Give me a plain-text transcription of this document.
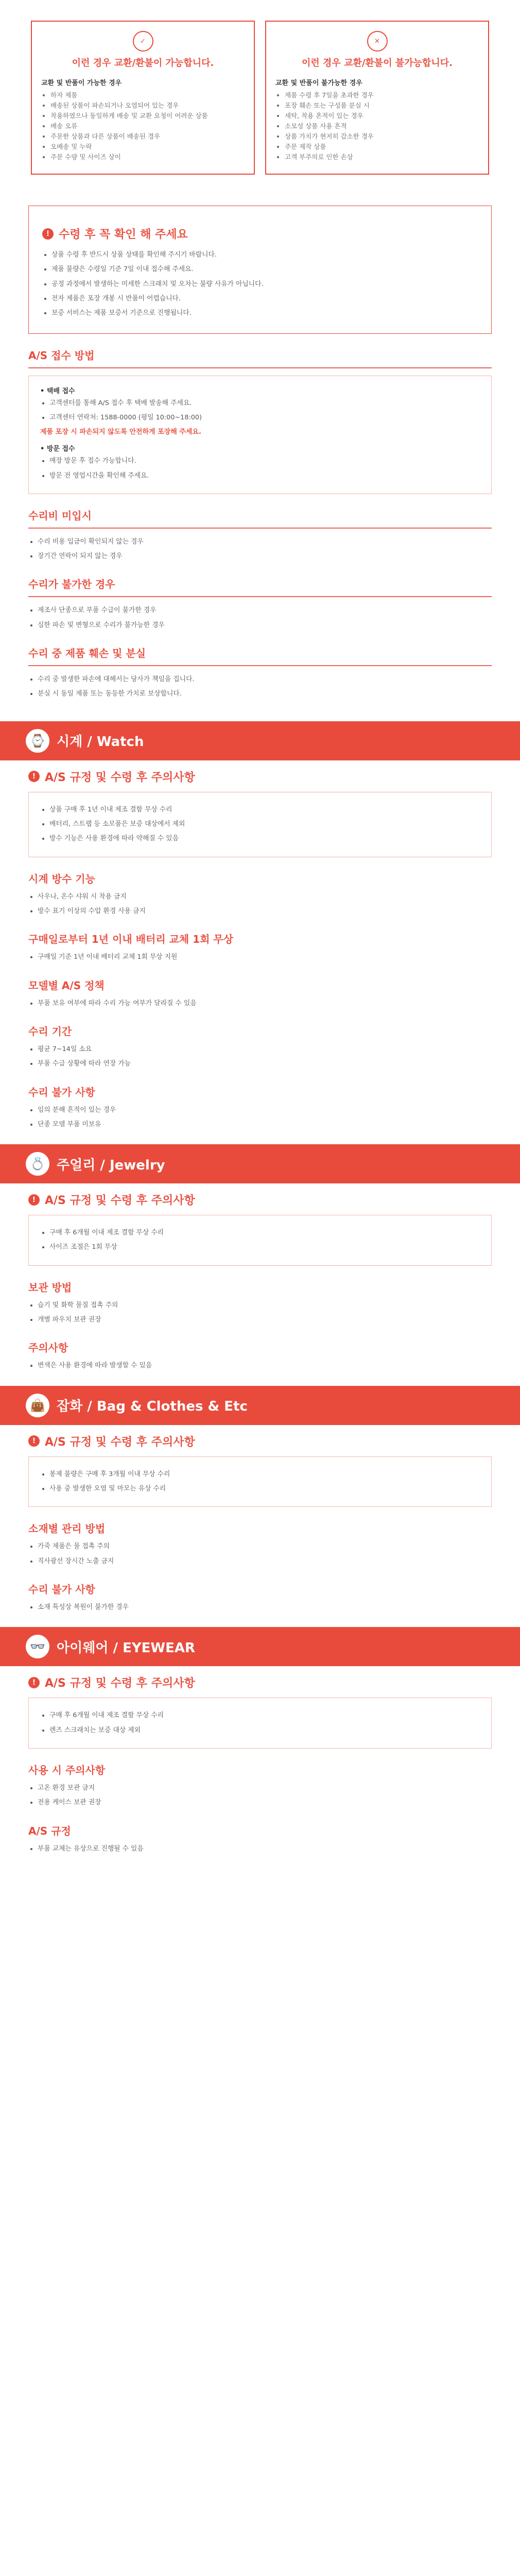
✓
이런 경우 교환/환불이 가능합니다.
교환 및 반품이 가능한 경우
• 하자 제품
• 배송된 상품이 파손되거나 오염되어 있는 경우
• 착용하였으나 동일하게 배송 및 교환 요청이 어려운 상품
• 배송 오류
• 주문한 상품과 다른 상품이 배송된 경우
• 오배송 및 누락
• 주문 수량 및 사이즈 상이
✕
이런 경우 교환/환불이 불가능합니다.
교환 및 반품이 불가능한 경우
• 제품 수령 후 7일을 초과한 경우
• 포장 훼손 또는 구성품 분실 시
• 세탁, 착용 흔적이 있는 경우
• 소모성 상품 사용 흔적
• 상품 가치가 현저히 감소한 경우
• 주문 제작 상품
• 고객 부주의로 인한 손상
! 수령 후 꼭 확인 해 주세요
• 상품 수령 후 반드시 상품 상태를 확인해 주시기 바랍니다.
• 제품 불량은 수령일 기준 7일 이내 접수해 주세요.
• 공정 과정에서 발생하는 미세한 스크래치 및 오차는 불량 사유가 아닙니다.
• 전자 제품은 포장 개봉 시 반품이 어렵습니다.
• 보증 서비스는 제품 보증서 기준으로 진행됩니다.
A/S 접수 방법
• 택배 접수
• 고객센터를 통해 A/S 접수 후 택배 발송해 주세요.
• 고객센터 연락처: 1588-0000 (평일 10:00~18:00)
제품 포장 시 파손되지 않도록 안전하게 포장해 주세요.
• 방문 접수
• 매장 방문 후 접수 가능합니다.
• 방문 전 영업시간을 확인해 주세요.
수리비 미입시
• 수리 비용 입금이 확인되지 않는 경우
• 장기간 연락이 되지 않는 경우
수리가 불가한 경우
• 제조사 단종으로 부품 수급이 불가한 경우
• 심한 파손 및 변형으로 수리가 불가능한 경우
수리 중 제품 훼손 및 분실
• 수리 중 발생한 파손에 대해서는 당사가 책임을 집니다.
• 분실 시 동일 제품 또는 동등한 가치로 보상합니다.
⌚ 시계 / Watch
! A/S 규정 및 수령 후 주의사항
• 상품 구매 후 1년 이내 제조 결함 무상 수리
• 배터리, 스트랩 등 소모품은 보증 대상에서 제외
• 방수 기능은 사용 환경에 따라 약해질 수 있음
시계 방수 기능
• 사우나, 온수 샤워 시 착용 금지
• 방수 표기 이상의 수압 환경 사용 금지
구매일로부터 1년 이내 배터리 교체 1회 무상
• 구매일 기준 1년 이내 배터리 교체 1회 무상 지원
모델별 A/S 정책
• 부품 보유 여부에 따라 수리 가능 여부가 달라질 수 있음
수리 기간
• 평균 7~14일 소요
• 부품 수급 상황에 따라 연장 가능
수리 불가 사항
• 임의 분해 흔적이 있는 경우
• 단종 모델 부품 미보유
💍 주얼리 / Jewelry
! A/S 규정 및 수령 후 주의사항
• 구매 후 6개월 이내 제조 결함 무상 수리
• 사이즈 조절은 1회 무상
보관 방법
• 습기 및 화학 물질 접촉 주의
• 개별 파우치 보관 권장
주의사항
• 변색은 사용 환경에 따라 발생할 수 있음
👜 잡화 / Bag & Clothes & Etc
! A/S 규정 및 수령 후 주의사항
• 봉제 불량은 구매 후 3개월 이내 무상 수리
• 사용 중 발생한 오염 및 마모는 유상 수리
소재별 관리 방법
• 가죽 제품은 물 접촉 주의
• 직사광선 장시간 노출 금지
수리 불가 사항
• 소재 특성상 복원이 불가한 경우
👓 아이웨어 / EYEWEAR
! A/S 규정 및 수령 후 주의사항
• 구매 후 6개월 이내 제조 결함 무상 수리
• 렌즈 스크래치는 보증 대상 제외
사용 시 주의사항
• 고온 환경 보관 금지
• 전용 케이스 보관 권장
A/S 규정
• 부품 교체는 유상으로 진행될 수 있음
